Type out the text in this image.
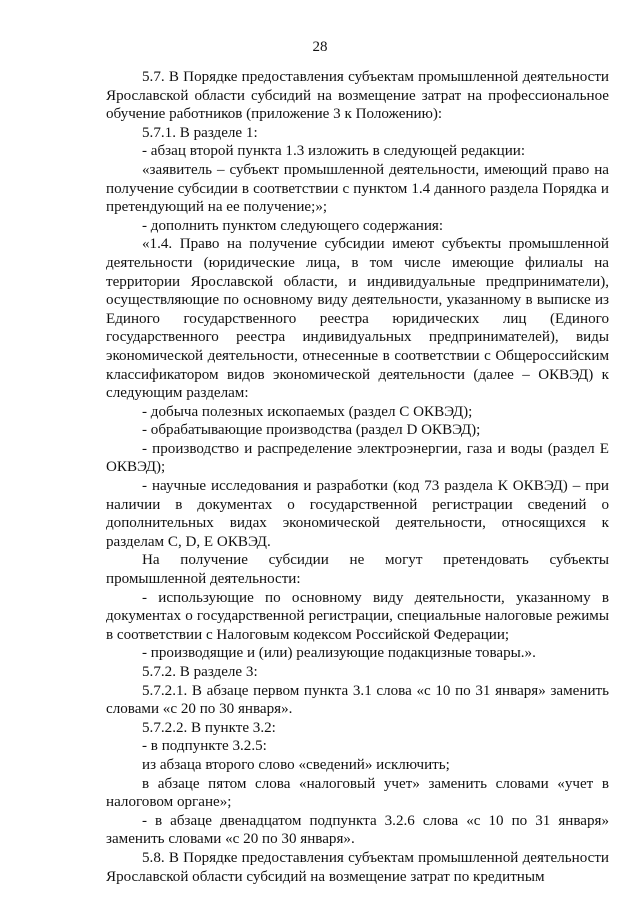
28

5.7. В Порядке предоставления субъектам промышленной деятельности Ярославской области субсидий на возмещение затрат на профессиональное обучение работников (приложение 3 к Положению):

5.7.1. В разделе 1:

- абзац второй пункта 1.3 изложить в следующей редакции:

«заявитель – субъект промышленной деятельности, имеющий право на получение субсидии в соответствии с пунктом 1.4 данного раздела Порядка и претендующий на ее получение;»;

- дополнить пунктом следующего содержания:

«1.4. Право на получение субсидии имеют субъекты промышленной деятельности (юридические лица, в том числе имеющие филиалы на территории Ярославской области, и индивидуальные предприниматели), осуществляющие по основному виду деятельности, указанному в выписке из Единого государственного реестра юридических лиц (Единого государственного реестра индивидуальных предпринимателей), виды экономической деятельности, отнесенные в соответствии с Общероссийским классификатором видов экономической деятельности (далее – ОКВЭД) к следующим разделам:

- добыча полезных ископаемых (раздел С ОКВЭД);

- обрабатывающие производства (раздел D ОКВЭД);

- производство и распределение электроэнергии, газа и воды (раздел E ОКВЭД);

- научные исследования и разработки (код 73 раздела К ОКВЭД) – при наличии в документах о государственной регистрации сведений о дополнительных видах экономической деятельности, относящихся к разделам C, D, E ОКВЭД.

На получение субсидии не могут претендовать субъекты промышленной деятельности:

- использующие по основному виду деятельности, указанному в документах о государственной регистрации, специальные налоговые режимы в соответствии с Налоговым кодексом Российской Федерации;

- производящие и (или) реализующие подакцизные товары.».

5.7.2. В разделе 3:

5.7.2.1. В абзаце первом пункта 3.1 слова «с 10 по 31 января» заменить словами «с 20 по 30 января».

5.7.2.2. В пункте 3.2:

- в подпункте 3.2.5:

из абзаца второго слово «сведений» исключить;

в абзаце пятом слова «налоговый учет» заменить словами «учет в налоговом органе»;

- в абзаце двенадцатом подпункта 3.2.6 слова «с 10 по 31 января» заменить словами «с 20 по 30 января».

5.8. В Порядке предоставления субъектам промышленной деятельности Ярославской области субсидий на возмещение затрат по кредитным
